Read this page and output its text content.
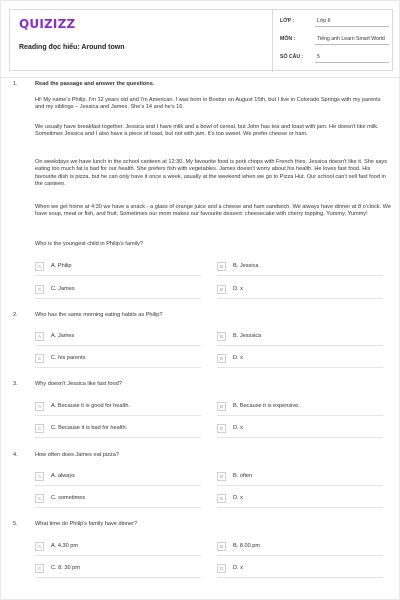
QUIZIZZ
Reading đọc hiểu: Around town
LỚP :	Lớp 6
MÔN :	Tiếng anh Learn Smart World
SỐ CÂU :	5
1.	Read the passage and answer the questions.
Hi! My name's Philip. I'm 12 years old and I'm American. I was born in Boston on August 15th, but I live in Colorado Springs with my parents and my siblings – Jessica and James. She's 14 and he's 16.
We usually have breakfast together. Jessica and I have milk and a bowl of cereal, but John has tea and toast with jam. He doesn't like milk. Sometimes Jessica and I also have a piece of toast, but not with jam. It's too sweet. We prefer cheese or ham.
On weekdays we have lunch in the school canteen at 12:30. My favourite food is pork chops with French fries. Jessica doesn't like it. She says eating too much fat is bad for our health. She prefers fish with vegetables. James doesn't worry about his health. He loves fast food. His favourite dish is pizza, but he can only have it once a week, usually at the weekend when we go to Pizza Hut. Our school can't sell fast food in the canteen.
When we get home at 4:30 we have a snack - a glass of orange juice and a cheese and ham sandwich. We always have dinner at 8 o'clock. We have soup, meat or fish, and fruit. Sometimes our mom makes our favourite dessert: cheesecake with cherry topping. Yummy, Yummy!
Who is the youngest child in Philip's family?
A	A. Philip	B	B. Jessica
C	C. James	D	D. x
2.	Who has the same morning eating habits as Philip?
A	A. James	B	B. Jesssica
C	C. his parents	D	D. x
3.	Why doesn't Jessica like fast food?
A	A. Because it is good for health.	B	B. Because it is expensive.
C	C. Because it is bad for health.	D	D. x
4.	How often does James eat pizza?
A	A. always	B	B. often
C	C. sometimes	D	D. x
5.	What time do Philip's family have dinner?
A	A. 4.30 pm	B	B. 8.00 pm
C	C. 8. 30 pm	D	D. x
